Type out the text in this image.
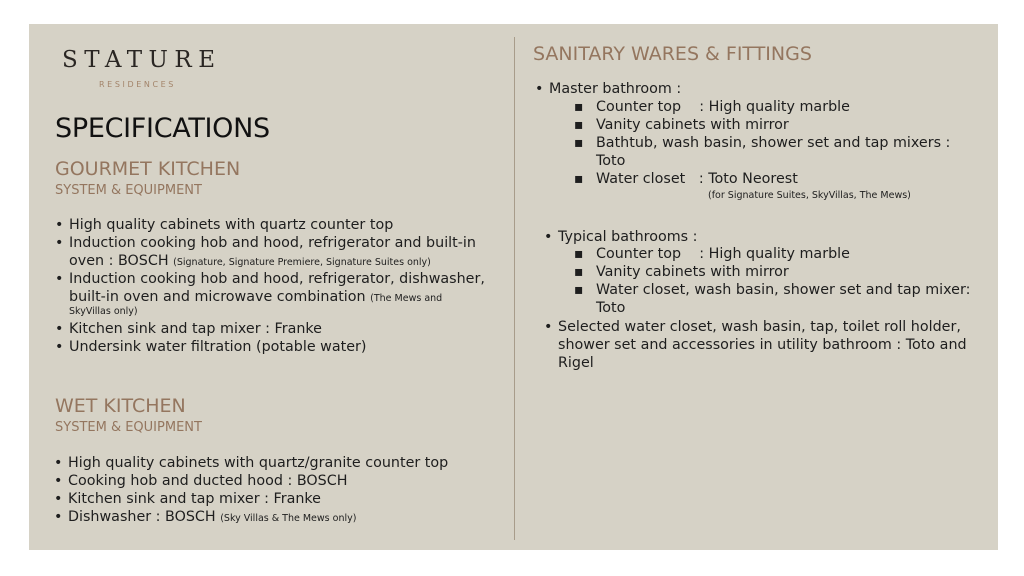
STATURE
RESIDENCES
SPECIFICATIONS
GOURMET KITCHEN
SYSTEM & EQUIPMENT
• High quality cabinets with quartz counter top
• Induction cooking hob and hood, refrigerator and built-in
oven : BOSCH (Signature, Signature Premiere, Signature Suites only)
• Induction cooking hob and hood, refrigerator, dishwasher,
built-in oven and microwave combination (The Mews and
SkyVillas only)
• Kitchen sink and tap mixer : Franke
• Undersink water filtration (potable water)
WET KITCHEN
SYSTEM & EQUIPMENT
• High quality cabinets with quartz/granite counter top
• Cooking hob and ducted hood : BOSCH
• Kitchen sink and tap mixer : Franke
• Dishwasher : BOSCH (Sky Villas & The Mews only)
SANITARY WARES & FITTINGS
• Master bathroom :
▪ Counter top    : High quality marble
▪ Vanity cabinets with mirror
▪ Bathtub, wash basin, shower set and tap mixers :
Toto
▪ Water closet   : Toto Neorest
(for Signature Suites, SkyVillas, The Mews)
• Typical bathrooms :
▪ Counter top    : High quality marble
▪ Vanity cabinets with mirror
▪ Water closet, wash basin, shower set and tap mixer:
Toto
• Selected water closet, wash basin, tap, toilet roll holder,
shower set and accessories in utility bathroom : Toto and
Rigel
